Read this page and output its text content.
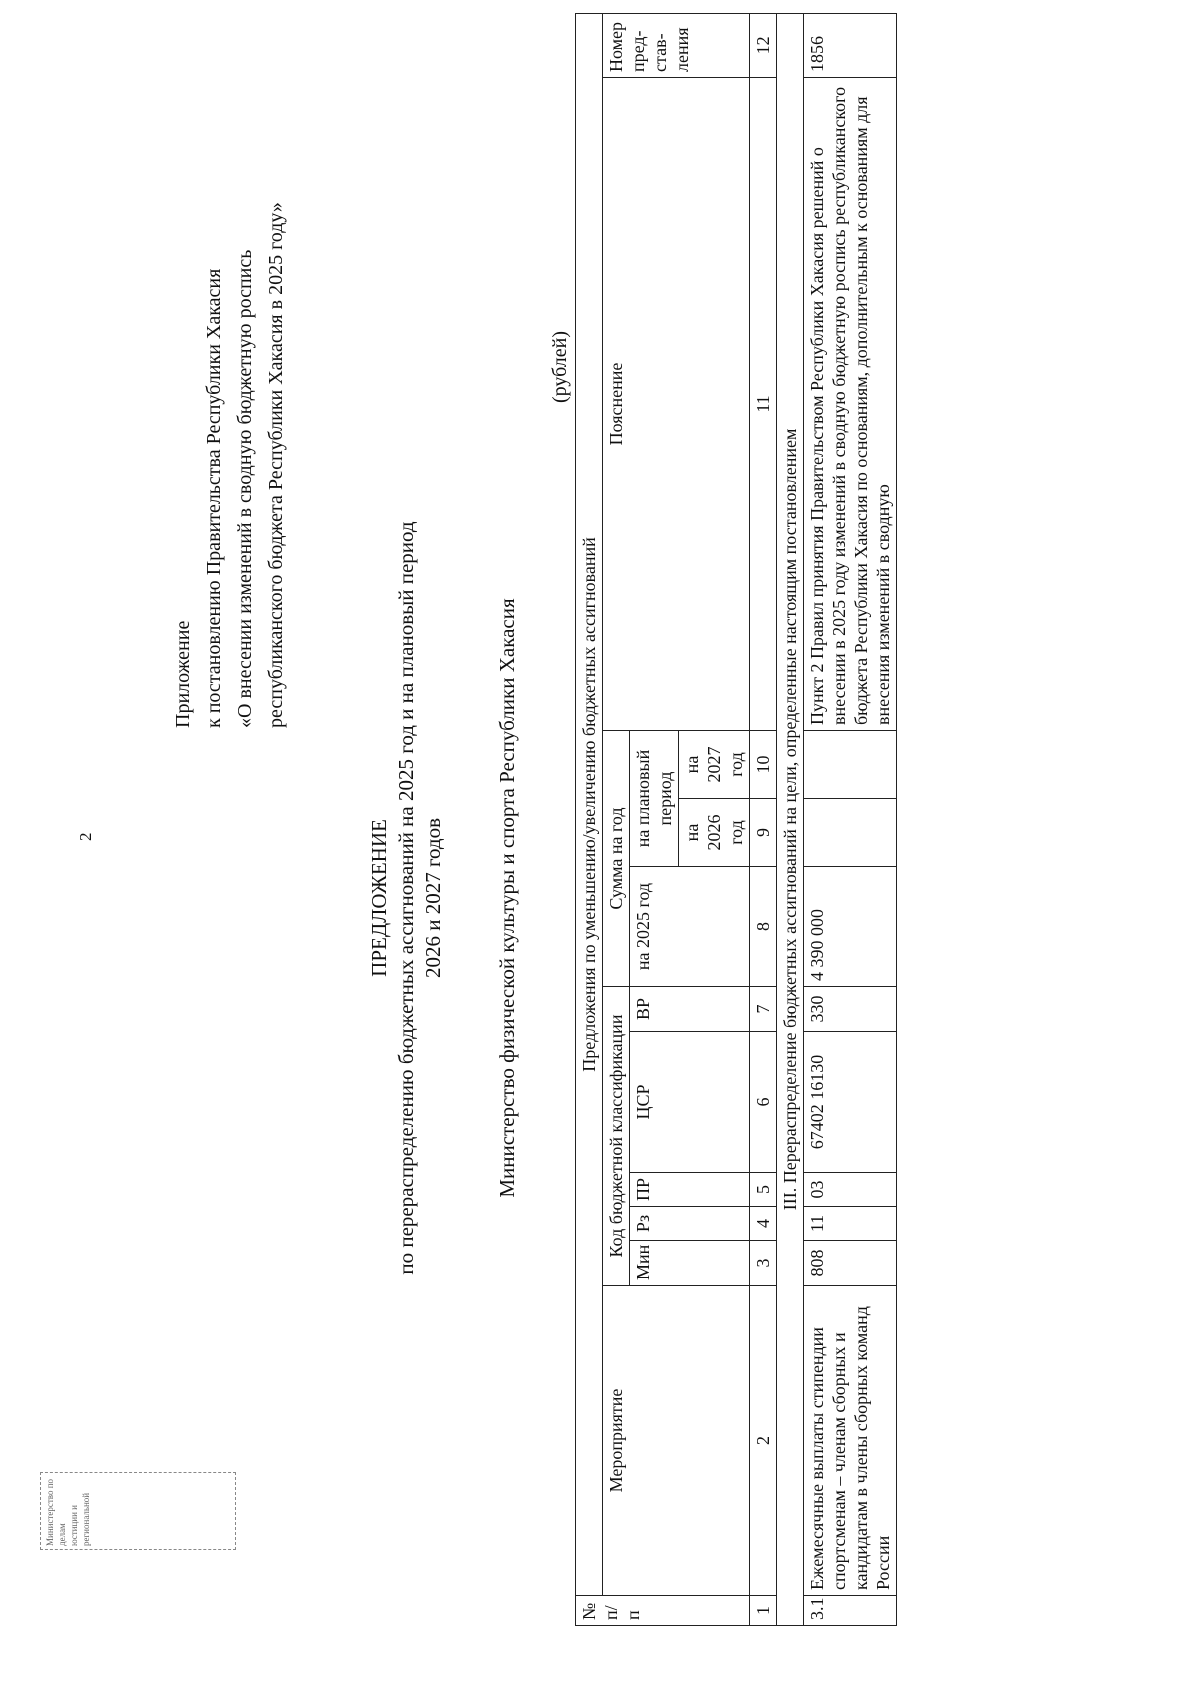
2
Приложение к постановлению Правительства Республики Хакасия «О внесении изменений в сводную бюджетную роспись республиканского бюджета Республики Хакасия в 2025 году»
ПРЕДЛОЖЕНИЕ по перераспределению бюджетных ассигнований на 2025 год и на плановый период 2026 и 2027 годов Министерство физической культуры и спорта Республики Хакасия
(рублей)
№ п/п	Предложения по уменьшению/увеличению бюджетных ассигнований										
	Мероприятие	Код бюджетной классификации					Сумма на год			Пояснение	Номер пред-став-ления
		Мин	Рз	ПР	ЦСР	ВР	на 2025 год	на плановый период			
								на 2026 год	на 2027 год		
1	2	3	4	5	6	7	8	9	10	11	12
III. Перераспределение бюджетных ассигнований на цели, определенные настоящим постановлением											
3.1	Ежемесячные выплаты стипендии спортсменам – членам сборных и кандидатам в члены сборных команд России	808	11	03	67402 16130	330	4 390 000			Пункт 2 Правил принятия Правительством Республики Хакасия решений о внесении в 2025 году изменений в сводную бюджетную роспись республиканского бюджета Республики Хакасия по основаниям, дополнительным к основаниям для внесения изменений в сводную	1856
Министерство по делам юстиции и региональной
